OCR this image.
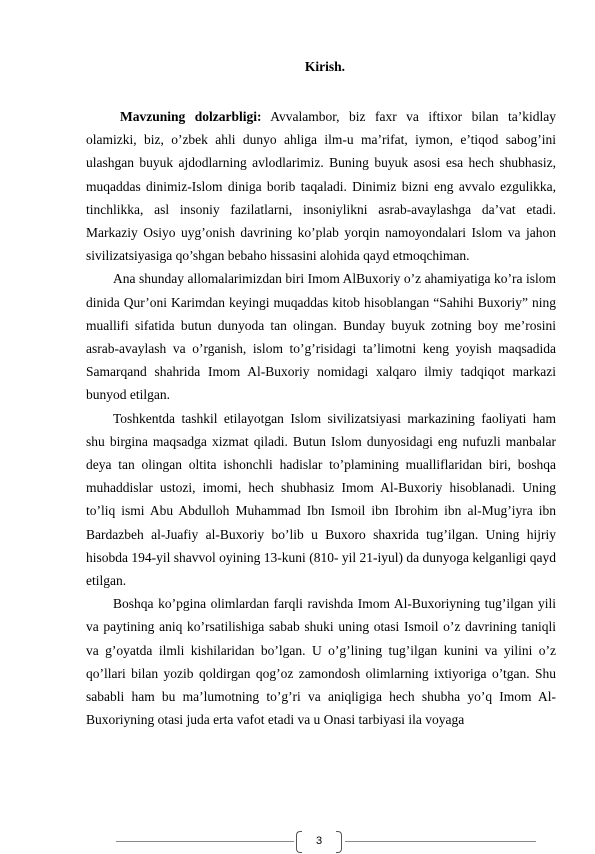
Kirish.

Mavzuning dolzarbligi: Avvalambor, biz faxr va iftixor bilan ta’kidlay olamizki, biz, o’zbek ahli dunyo ahliga ilm-u ma’rifat, iymon, e’tiqod sabog’ini ulashgan buyuk ajdodlarning avlodlarimiz. Buning buyuk asosi esa hech shubhasiz, muqaddas dinimiz-Islom diniga borib taqaladi. Dinimiz bizni eng avvalo ezgulikka, tinchlikka, asl insoniy fazilatlarni, insoniylikni asrab-avaylashga da’vat etadi. Markaziy Osiyo uyg’onish davrining ko’plab yorqin namoyondalari Islom va jahon sivilizatsiyasiga qo’shgan bebaho hissasini alohida qayd etmoqchiman.

Ana shunday allomalarimizdan biri Imom AlBuxoriy o’z ahamiyatiga ko’ra islom dinida Qur’oni Karimdan keyingi muqaddas kitob hisoblangan “Sahihi Buxoriy” ning muallifi sifatida butun dunyoda tan olingan. Bunday buyuk zotning boy me’rosini asrab-avaylash va o’rganish, islom to’g’risidagi ta’limotni keng yoyish maqsadida Samarqand shahrida Imom Al-Buxoriy nomidagi xalqaro ilmiy tadqiqot markazi bunyod etilgan.

Toshkentda tashkil etilayotgan Islom sivilizatsiyasi markazining faoliyati ham shu birgina maqsadga xizmat qiladi. Butun Islom dunyosidagi eng nufuzli manbalar deya tan olingan oltita ishonchli hadislar to’plamining mualliflaridan biri, boshqa muhaddislar ustozi, imomi, hech shubhasiz Imom Al-Buxoriy hisoblanadi. Uning to’liq ismi Abu Abdulloh Muhammad Ibn Ismoil ibn Ibrohim ibn al-Mug’iyra ibn Bardazbeh al-Juafiy al-Buxoriy bo’lib u Buxoro shaxrida tug’ilgan. Uning hijriy hisobda 194-yil shavvol oyining 13-kuni (810- yil 21-iyul) da dunyoga kelganligi qayd etilgan.

Boshqa ko’pgina olimlardan farqli ravishda Imom Al-Buxoriyning tug’ilgan yili va paytining aniq ko’rsatilishiga sabab shuki uning otasi Ismoil o’z davrining taniqli va g’oyatda ilmli kishilaridan bo’lgan. U o’g’lining tug’ilgan kunini va yilini o’z qo’llari bilan yozib qoldirgan qog’oz zamondosh olimlarning ixtiyoriga o’tgan. Shu sababli ham bu ma’lumotning to’g’ri va aniqligiga hech shubha yo’q Imom Al-Buxoriyning otasi juda erta vafot etadi va u Onasi tarbiyasi ila voyaga

3
